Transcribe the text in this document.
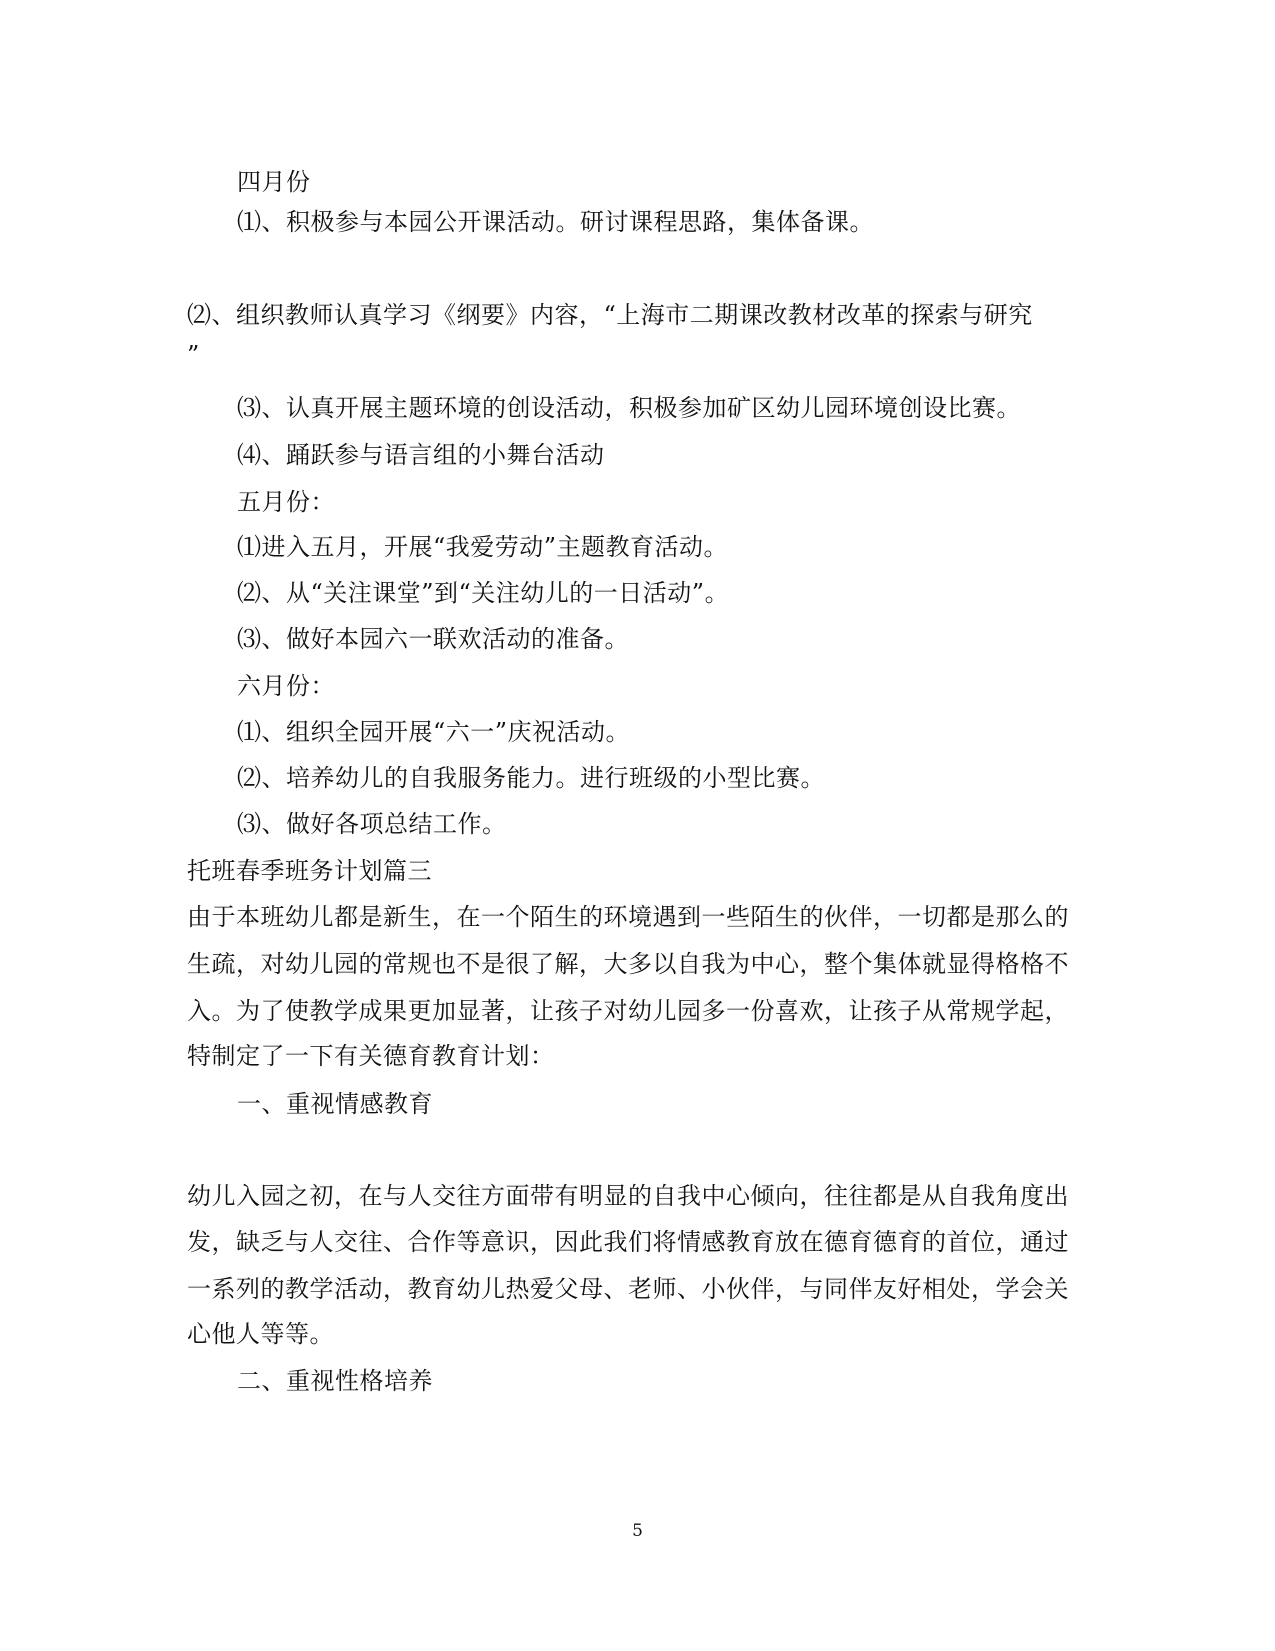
四月份
⑴、积极参与本园公开课活动。研讨课程思路，集体备课。
⑵、组织教师认真学习《纲要》内容，“上海市二期课改教材改革的探索与研究
”
⑶、认真开展主题环境的创设活动，积极参加矿区幼儿园环境创设比赛。
⑷、踊跃参与语言组的小舞台活动
五月份：
⑴进入五月，开展“我爱劳动”主题教育活动。
⑵、从“关注课堂”到“关注幼儿的一日活动”。
⑶、做好本园六一联欢活动的准备。
六月份：
⑴、组织全园开展“六一”庆祝活动。
⑵、培养幼儿的自我服务能力。进行班级的小型比赛。
⑶、做好各项总结工作。
托班春季班务计划篇三
由于本班幼儿都是新生，在一个陌生的环境遇到一些陌生的伙伴，一切都是那么的
生疏，对幼儿园的常规也不是很了解，大多以自我为中心，整个集体就显得格格不
入。为了使教学成果更加显著，让孩子对幼儿园多一份喜欢，让孩子从常规学起，
特制定了一下有关德育教育计划：
一、重视情感教育
幼儿入园之初，在与人交往方面带有明显的自我中心倾向，往往都是从自我角度出
发，缺乏与人交往、合作等意识，因此我们将情感教育放在德育德育的首位，通过
一系列的教学活动，教育幼儿热爱父母、老师、小伙伴，与同伴友好相处，学会关
心他人等等。
二、重视性格培养
5
